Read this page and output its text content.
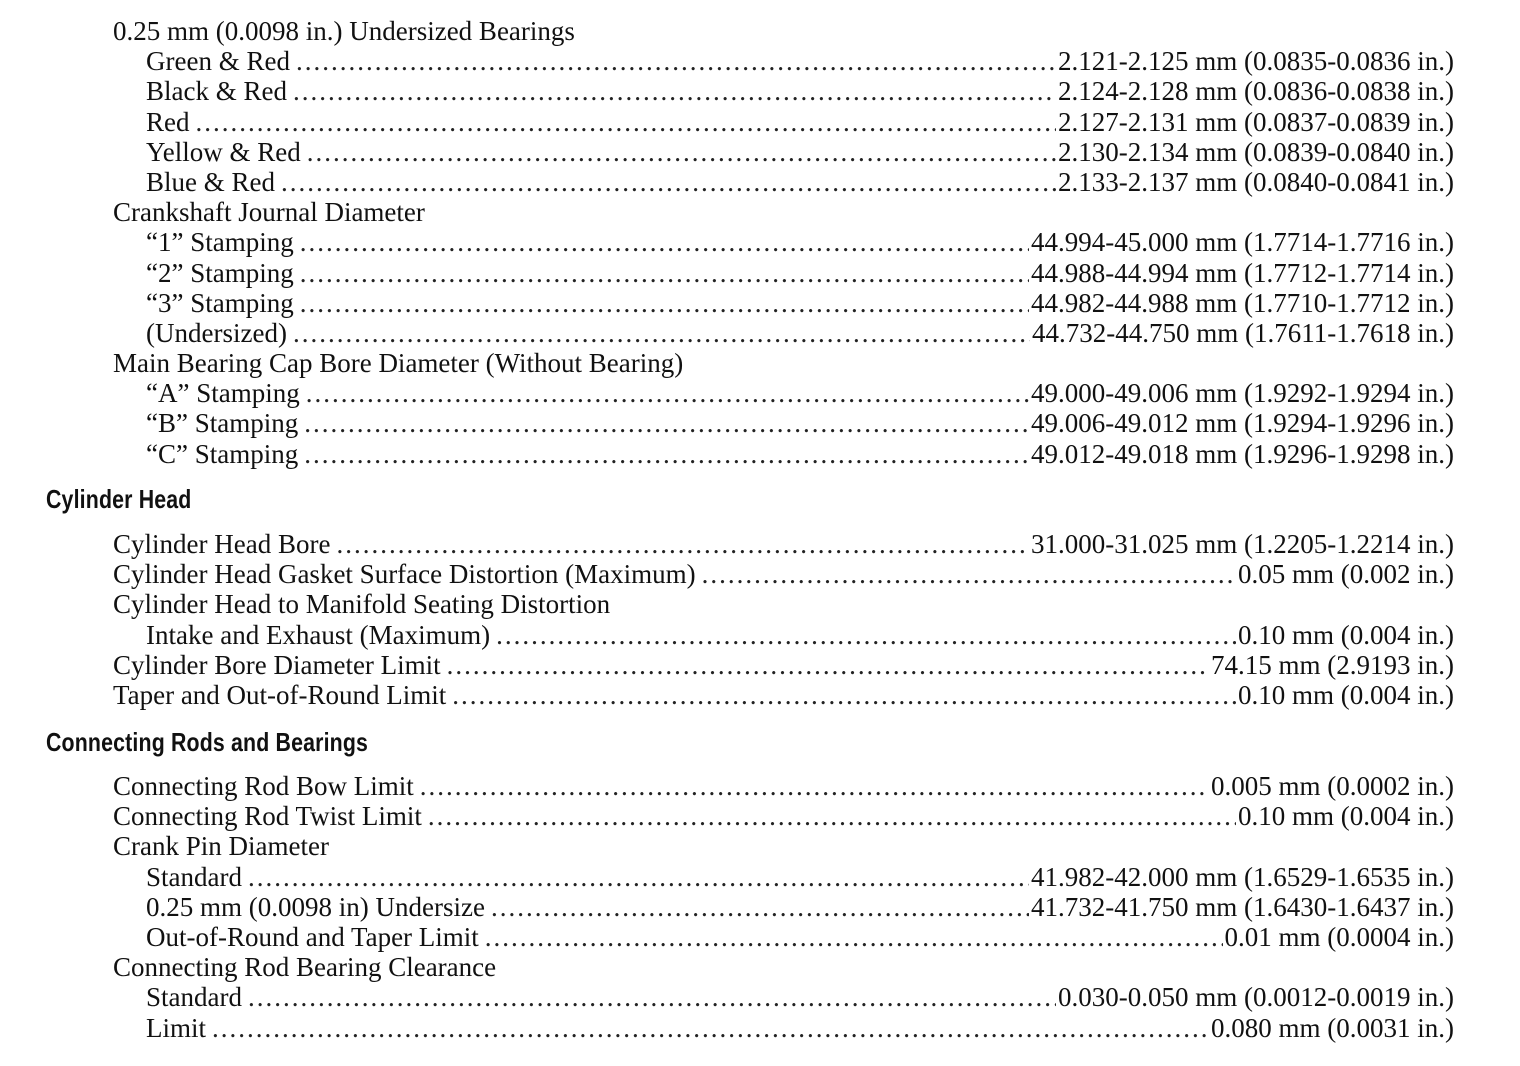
0.25 mm (0.0098 in.) Undersized Bearings
Green & Red .....	2.121-2.125 mm (0.0835-0.0836 in.)
Black & Red .....	2.124-2.128 mm (0.0836-0.0838 in.)
Red .....	2.127-2.131 mm (0.0837-0.0839 in.)
Yellow & Red .....	2.130-2.134 mm (0.0839-0.0840 in.)
Blue & Red .....	2.133-2.137 mm (0.0840-0.0841 in.)
Crankshaft Journal Diameter
“1” Stamping .....	44.994-45.000 mm (1.7714-1.7716 in.)
“2” Stamping .....	44.988-44.994 mm (1.7712-1.7714 in.)
“3” Stamping .....	44.982-44.988 mm (1.7710-1.7712 in.)
(Undersized) .....	44.732-44.750 mm (1.7611-1.7618 in.)
Main Bearing Cap Bore Diameter (Without Bearing)
“A” Stamping .....	49.000-49.006 mm (1.9292-1.9294 in.)
“B” Stamping .....	49.006-49.012 mm (1.9294-1.9296 in.)
“C” Stamping .....	49.012-49.018 mm (1.9296-1.9298 in.)
Cylinder Head
Cylinder Head Bore .....	31.000-31.025 mm (1.2205-1.2214 in.)
Cylinder Head Gasket Surface Distortion (Maximum) .....	0.05 mm (0.002 in.)
Cylinder Head to Manifold Seating Distortion
Intake and Exhaust (Maximum) .....	0.10 mm (0.004 in.)
Cylinder Bore Diameter Limit .....	74.15 mm (2.9193 in.)
Taper and Out-of-Round Limit .....	0.10 mm (0.004 in.)
Connecting Rods and Bearings
Connecting Rod Bow Limit .....	0.005 mm (0.0002 in.)
Connecting Rod Twist Limit .....	0.10 mm (0.004 in.)
Crank Pin Diameter
Standard .....	41.982-42.000 mm (1.6529-1.6535 in.)
0.25 mm (0.0098 in) Undersize .....	41.732-41.750 mm (1.6430-1.6437 in.)
Out-of-Round and Taper Limit .....	0.01 mm (0.0004 in.)
Connecting Rod Bearing Clearance
Standard .....	0.030-0.050 mm (0.0012-0.0019 in.)
Limit .....	0.080 mm (0.0031 in.)
